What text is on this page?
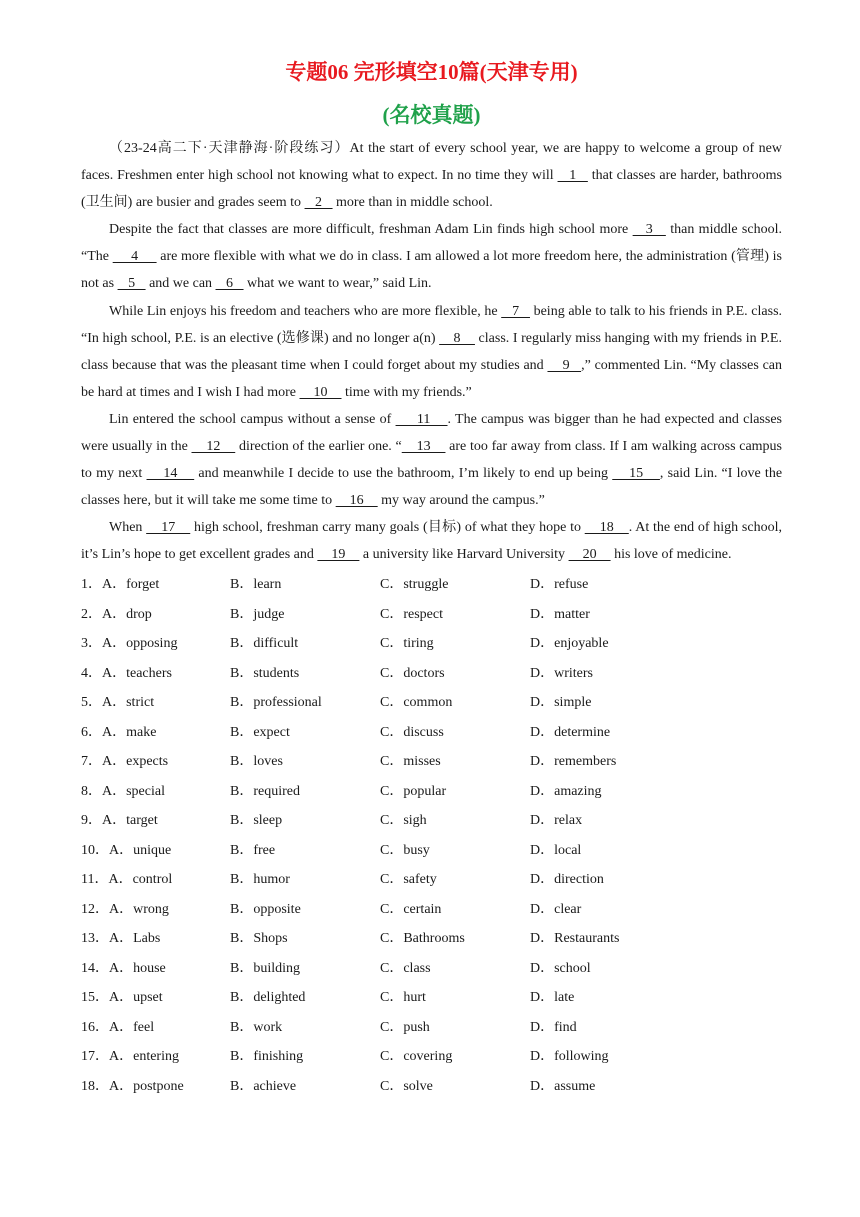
专题06 完形填空10篇(天津专用)
(名校真题)

（23-24高二下·天津静海·阶段练习）At the start of every school year, we are happy to welcome a group of new faces. Freshmen enter high school not knowing what to expect. In no time they will    1    that classes are harder, bathrooms (卫生间) are busier and grades seem to    2    more than in middle school.

Despite the fact that classes are more difficult, freshman Adam Lin finds high school more    3    than middle school. “The      4      are more flexible with what we do in class. I am allowed a lot more freedom here, the administration (管理) is not as    5    and we can    6    what we want to wear,” said Lin.

While Lin enjoys his freedom and teachers who are more flexible, he    7    being able to talk to his friends in P.E. class. “In high school, P.E. is an elective (选修课) and no longer a(n)     8     class. I regularly miss hanging with my friends in P.E. class because that was the pleasant time when I could forget about my studies and     9   ,” commented Lin. “My classes can be hard at times and I wish I had more     10     time with my friends.”

Lin entered the school campus without a sense of      11    . The campus was bigger than he had expected and classes were usually in the     12     direction of the earlier one. “    13     are too far away from class. If I am walking across campus to my next     14     and meanwhile I decide to use the bathroom, I’m likely to end up being     15    , said Lin. “I love the classes here, but it will take me some time to     16     my way around the campus.”

When     17     high school, freshman carry many goals (目标) of what they hope to     18    . At the end of high school, it’s Lin’s hope to get excellent grades and     19     a university like Harvard University     20     his love of medicine.

1．A．forget	B．learn	C．struggle	D．refuse
2．A．drop	B．judge	C．respect	D．matter
3．A．opposing	B．difficult	C．tiring	D．enjoyable
4．A．teachers	B．students	C．doctors	D．writers
5．A．strict	B．professional	C．common	D．simple
6．A．make	B．expect	C．discuss	D．determine
7．A．expects	B．loves	C．misses	D．remembers
8．A．special	B．required	C．popular	D．amazing
9．A．target	B．sleep	C．sigh	D．relax
10．A．unique	B．free	C．busy	D．local
11．A．control	B．humor	C．safety	D．direction
12．A．wrong	B．opposite	C．certain	D．clear
13．A．Labs	B．Shops	C．Bathrooms	D．Restaurants
14．A．house	B．building	C．class	D．school
15．A．upset	B．delighted	C．hurt	D．late
16．A．feel	B．work	C．push	D．find
17．A．entering	B．finishing	C．covering	D．following
18．A．postpone	B．achieve	C．solve	D．assume
